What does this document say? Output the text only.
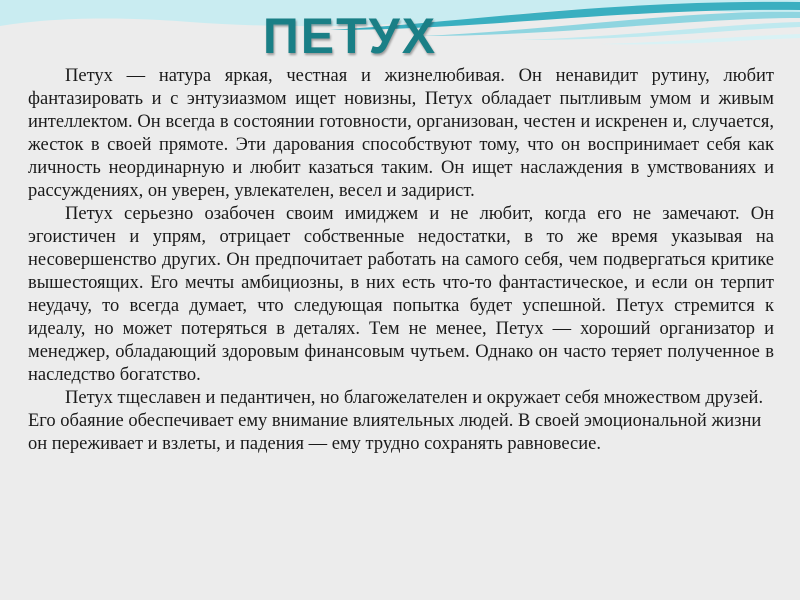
ПЕТУХ

Петух — натура яркая, честная и жизнелюбивая. Он ненавидит рутину, любит фантазировать и с энтузиазмом ищет новизны, Петух обладает пытливым умом и живым интеллектом. Он всегда в состоянии готовности, организован, честен и искренен и, случается, жесток в своей прямоте. Эти дарования способствуют тому, что он воспринимает себя как личность неординарную и любит казаться таким. Он ищет наслаждения в умствованиях и рассуждениях, он уверен, увлекателен, весел и задирист.

Петух серьезно озабочен своим имиджем и не любит, когда его не замечают. Он эгоистичен и упрям, отрицает собственные недостатки, в то же время указывая на несовершенство других. Он предпочитает работать на самого себя, чем подвергаться критике вышестоящих. Его мечты амбициозны, в них есть что-то фантастическое, и если он терпит неудачу, то всегда думает, что следующая попытка будет успешной. Петух стремится к идеалу, но может потеряться в деталях. Тем не менее, Петух — хороший организатор и менеджер, обладающий здоровым финансовым чутьем. Однако он часто теряет полученное в наследство богатство.

Петух тщеславен и педантичен, но благожелателен и окружает себя множеством друзей. Его обаяние обеспечивает ему внимание влиятельных людей. В своей эмоциональной жизни он переживает и взлеты, и падения — ему трудно сохранять равновесие.
